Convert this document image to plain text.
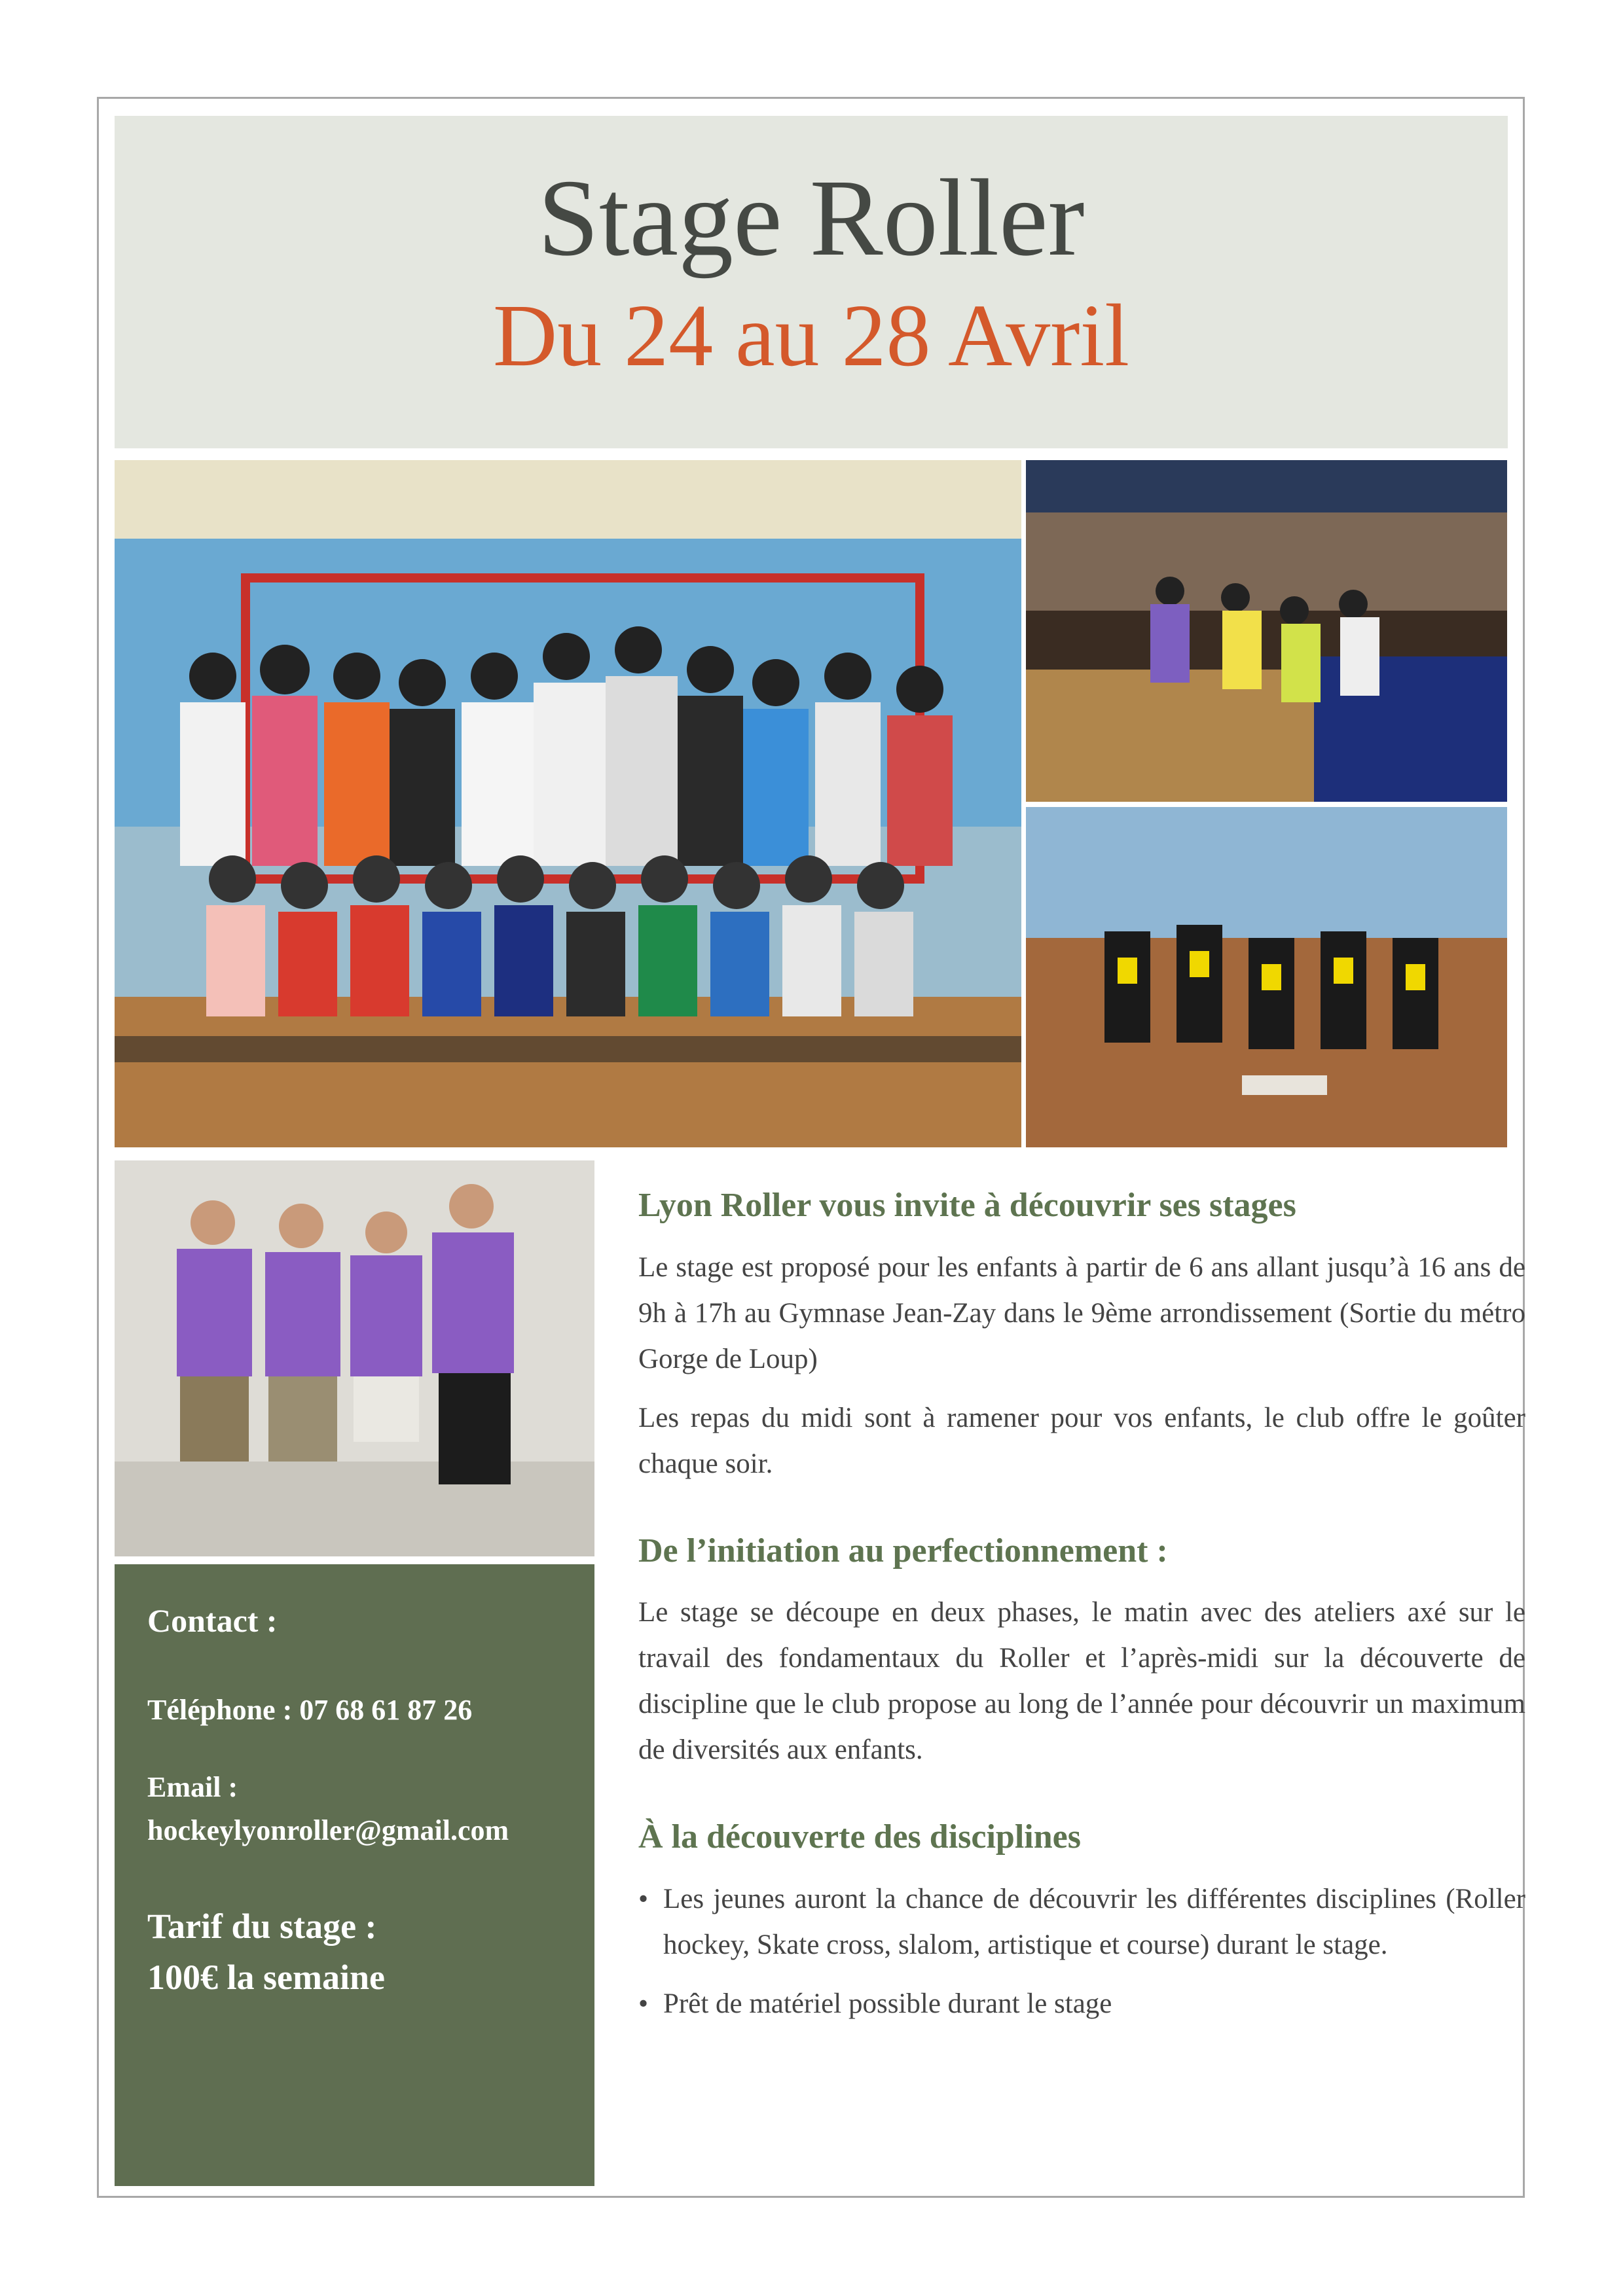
Stage Roller
Du 24 au 28 Avril

Contact :

Téléphone : 07 68 61 87 26

Email :

hockeylyonroller@gmail.com

Tarif du stage :

100€ la semaine

Lyon Roller vous invite à découvrir ses stages

Le stage est proposé pour les enfants à partir de 6 ans allant jusqu’à 16 ans de 9h à 17h au Gymnase Jean-Zay dans le 9ème arrondissement (Sortie du métro Gorge de Loup)

Les repas du midi sont à ramener pour vos enfants, le club offre le goûter chaque soir.

De l’initiation au perfectionnement :

Le stage se découpe en deux phases, le matin avec des ateliers axé sur le travail des fondamentaux du Roller et l’après-midi sur la découverte de discipline que le club propose au long de l’année pour découvrir un maximum de diversités aux enfants.

À la découverte des disciplines
• Les jeunes auront la chance de découvrir les différentes disciplines (Roller hockey, Skate cross, slalom, artistique et course) durant le stage.
• Prêt de matériel possible durant le stage
